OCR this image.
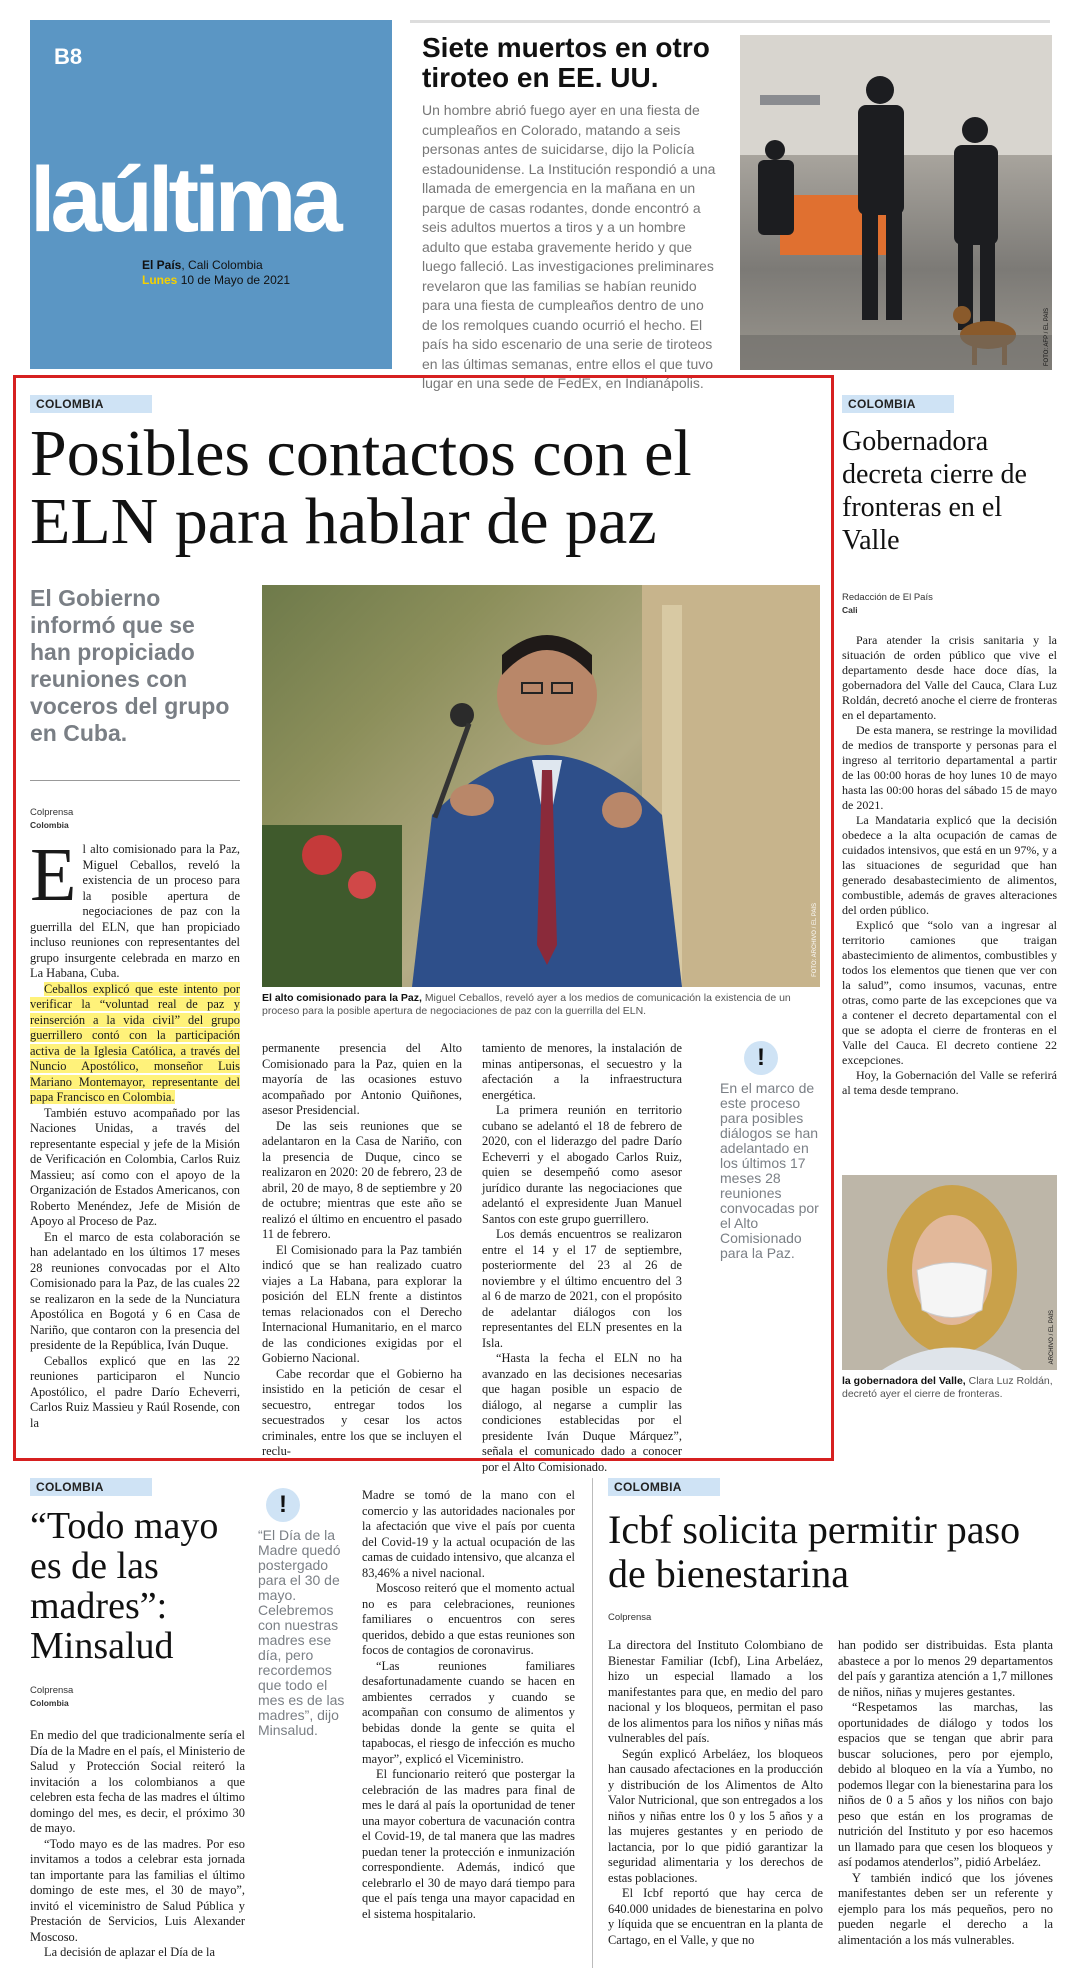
B8
laúltima
El País, Cali Colombia
Lunes 10 de Mayo de 2021
Siete muertos en otro tiroteo en EE. UU.
Un hombre abrió fuego ayer en una fiesta de cumpleaños en Colorado, matando a seis personas antes de suicidarse, dijo la Policía estadounidense. La Institución respondió a una llamada de emergencia en la mañana en un parque de casas rodantes, donde encontró a seis adultos muertos a tiros y a un hombre adulto que estaba gravemente herido y que luego falleció. Las investigaciones preliminares revelaron que las familias se habían reunido para una fiesta de cumpleaños dentro de uno de los remolques cuando ocurrió el hecho. El país ha sido escenario de una serie de tiroteos en las últimas semanas, entre ellos el que tuvo lugar en una sede de FedEx, en Indianápolis.
FOTO: AFP / EL PAÍS
COLOMBIA
Posibles contactos con el ELN para hablar de paz
El Gobierno informó que se han propiciado reuniones con voceros del grupo en Cuba.
Colprensa
Colombia
FOTO: ARCHIVO / EL PAÍS
El alto comisionado para la Paz, Miguel Ceballos, reveló ayer a los medios de comunicación la existencia de un proceso para la posible apertura de negociaciones de paz con la guerrilla del ELN.
E l alto comisionado para la Paz, Miguel Ceballos, reveló la existencia de un proceso para la posible apertura de negociaciones de paz con la guerrilla del ELN, que han propiciado incluso reuniones con representantes del grupo insurgente celebrada en marzo en La Habana, Cuba.

Ceballos explicó que este intento por verificar la “voluntad real de paz y reinserción a la vida civil” del grupo guerrillero contó con la participación activa de la Iglesia Católica, a través del Nuncio Apostólico, monseñor Luis Mariano Montemayor, representante del papa Francisco en Colombia.

También estuvo acompañado por las Naciones Unidas, a través del representante especial y jefe de la Misión de Verificación en Colombia, Carlos Ruiz Massieu; así como con el apoyo de la Organización de Estados Americanos, con Roberto Menéndez, Jefe de Misión de Apoyo al Proceso de Paz.

En el marco de esta colaboración se han adelantado en los últimos 17 meses 28 reuniones convocadas por el Alto Comisionado para la Paz, de las cuales 22 se realizaron en la sede de la Nunciatura Apostólica en Bogotá y 6 en Casa de Nariño, que contaron con la presencia del presidente de la República, Iván Duque.

Ceballos explicó que en las 22 reuniones participaron el Nuncio Apostólico, el padre Darío Echeverri, Carlos Ruiz Massieu y Raúl Rosende, con la

permanente presencia del Alto Comisionado para la Paz, quien en la mayoría de las ocasiones estuvo acompañado por Antonio Quiñones, asesor Presidencial.

De las seis reuniones que se adelantaron en la Casa de Nariño, con la presencia de Duque, cinco se realizaron en 2020: 20 de febrero, 23 de abril, 20 de mayo, 8 de septiembre y 20 de octubre; mientras que este año se realizó el último en encuentro el pasado 11 de febrero.

El Comisionado para la Paz también indicó que se han realizado cuatro viajes a La Habana, para explorar la posición del ELN frente a distintos temas relacionados con el Derecho Internacional Humanitario, en el marco de las condiciones exigidas por el Gobierno Nacional.

Cabe recordar que el Gobierno ha insistido en la petición de cesar el secuestro, entregar todos los secuestrados y cesar los actos criminales, entre los que se incluyen el reclu-

tamiento de menores, la instalación de minas antipersonas, el secuestro y la afectación a la infraestructura energética.

La primera reunión en territorio cubano se adelantó el 18 de febrero de 2020, con el liderazgo del padre Darío Echeverri y el abogado Carlos Ruiz, quien se desempeñó como asesor jurídico durante las negociaciones que adelantó el expresidente Juan Manuel Santos con este grupo guerrillero.

Los demás encuentros se realizaron entre el 14 y el 17 de septiembre, posteriormente del 23 al 26 de noviembre y el último encuentro del 3 al 6 de marzo de 2021, con el propósito de adelantar diálogos con los representantes del ELN presentes en la Isla.

“Hasta la fecha el ELN no ha avanzado en las decisiones necesarias que hagan posible un espacio de diálogo, al negarse a cumplir las condiciones establecidas por el presidente Iván Duque Márquez”, señala el comunicado dado a conocer por el Alto Comisionado.

!
En el marco de este proceso para posibles diálogos se han adelantado en los últimos 17 meses 28 reuniones convocadas por el Alto Comisionado para la Paz.
COLOMBIA
Gobernadora decreta cierre de fronteras en el Valle
Redacción de El País
Cali

Para atender la crisis sanitaria y la situación de orden público que vive el departamento desde hace doce días, la gobernadora del Valle del Cauca, Clara Luz Roldán, decretó anoche el cierre de fronteras en el departamento.

De esta manera, se restringe la movilidad de medios de transporte y personas para el ingreso al territorio departamental a partir de las 00:00 horas de hoy lunes 10 de mayo hasta las 00:00 horas del sábado 15 de mayo de 2021.

La Mandataria explicó que la decisión obedece a la alta ocupación de camas de cuidados intensivos, que está en un 97%, y a las situaciones de seguridad que han generado desabastecimiento de alimentos, combustible, además de graves alteraciones del orden público.

Explicó que “solo van a ingresar al territorio camiones que traigan abastecimiento de alimentos, combustibles y todos los elementos que tienen que ver con la salud”, como insumos, vacunas, entre otras, como parte de las excepciones que va a contener el decreto departamental con el que se adopta el cierre de fronteras en el Valle del Cauca. El decreto contiene 22 excepciones.

Hoy, la Gobernación del Valle se referirá al tema desde temprano.

ARCHIVO / EL PAÍS
la gobernadora del Valle, Clara Luz Roldán, decretó ayer el cierre de fronteras.
COLOMBIA
“Todo mayo es de las madres”: Minsalud
Colprensa
Colombia

En medio del que tradicionalmente sería el Día de la Madre en el país, el Ministerio de Salud y Protección Social reiteró la invitación a los colombianos a que celebren esta fecha de las madres el último domingo del mes, es decir, el próximo 30 de mayo.

“Todo mayo es de las madres. Por eso invitamos a todos a celebrar esta jornada tan importante para las familias el último domingo de este mes, el 30 de mayo”, invitó el viceministro de Salud Pública y Prestación de Servicios, Luis Alexander Moscoso.

La decisión de aplazar el Día de la

!
“El Día de la Madre quedó postergado para el 30 de mayo. Celebremos con nuestras madres ese día, pero recordemos que todo el mes es de las madres”, dijo Minsalud.

Madre se tomó de la mano con el comercio y las autoridades nacionales por la afectación que vive el país por cuenta del Covid-19 y la actual ocupación de las camas de cuidado intensivo, que alcanza el 83,46% a nivel nacional.

Moscoso reiteró que el momento actual no es para celebraciones, reuniones familiares o encuentros con seres queridos, debido a que estas reuniones son focos de contagios de coronavirus.

“Las reuniones familiares desafortunadamente cuando se hacen en ambientes cerrados y cuando se acompañan con consumo de alimentos y bebidas donde la gente se quita el tapabocas, el riesgo de infección es mucho mayor”, explicó el Viceministro.

El funcionario reiteró que postergar la celebración de las madres para final de mes le dará al país la oportunidad de tener una mayor cobertura de vacunación contra el Covid-19, de tal manera que las madres puedan tener la protección e inmunización correspondiente. Además, indicó que celebrarlo el 30 de mayo dará tiempo para que el país tenga una mayor capacidad en el sistema hospitalario.

COLOMBIA
Icbf solicita permitir paso de bienestarina
Colprensa

La directora del Instituto Colombiano de Bienestar Familiar (Icbf), Lina Arbeláez, hizo un especial llamado a los manifestantes para que, en medio del paro nacional y los bloqueos, permitan el paso de los alimentos para los niños y niñas más vulnerables del país.

Según explicó Arbeláez, los bloqueos han causado afectaciones en la producción y distribución de los Alimentos de Alto Valor Nutricional, que son entregados a los niños y niñas entre los 0 y los 5 años y a las mujeres gestantes y en periodo de lactancia, por lo que pidió garantizar la seguridad alimentaria y los derechos de estas poblaciones.

El Icbf reportó que hay cerca de 640.000 unidades de bienestarina en polvo y líquida que se encuentran en la planta de Cartago, en el Valle, y que no

han podido ser distribuidas. Esta planta abastece a por lo menos 29 departamentos del país y garantiza atención a 1,7 millones de niños, niñas y mujeres gestantes.

“Respetamos las marchas, las oportunidades de diálogo y todos los espacios que se tengan que abrir para buscar soluciones, pero por ejemplo, debido al bloqueo en la vía a Yumbo, no podemos llegar con la bienestarina para los niños de 0 a 5 años y los niños con bajo peso que están en los programas de nutrición del Instituto y por eso hacemos un llamado para que cesen los bloqueos y así podamos atenderlos”, pidió Arbeláez.

Y también indicó que los jóvenes manifestantes deben ser un referente y ejemplo para los más pequeños, pero no pueden negarle el derecho a la alimentación a los más vulnerables.
